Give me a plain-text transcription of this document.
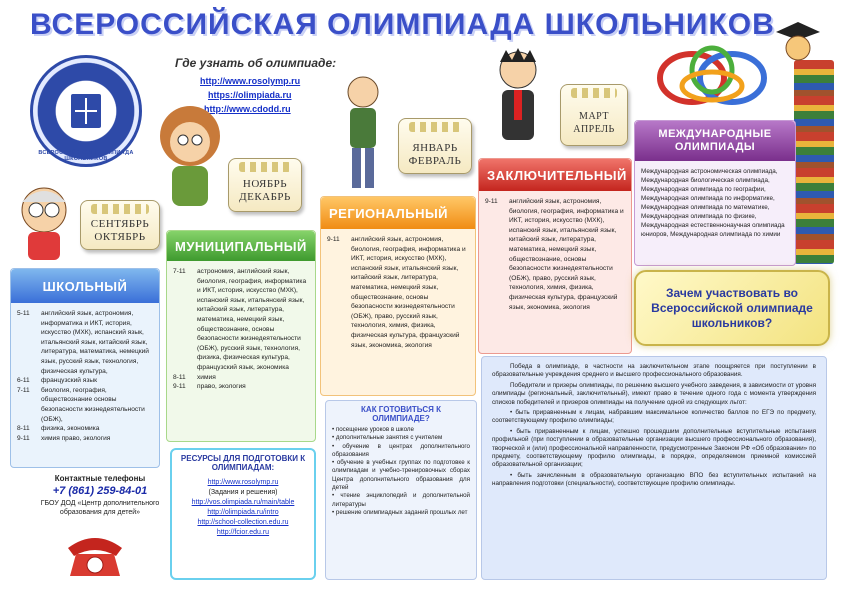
ВСЕРОССИЙСКАЯ ОЛИМПИАДА ШКОЛЬНИКОВ
ВСЕРОССИЙСКАЯ ОЛИМПИАДА ШКОЛЬНИКОВ
Где узнать об олимпиаде:
http://www.rosolymp.ru
https://olimpiada.ru
http://www.cdodd.ru
СЕНТЯБРЬ
ОКТЯБРЬ
НОЯБРЬ
ДЕКАБРЬ
ЯНВАРЬ
ФЕВРАЛЬ
МАРТ
АПРЕЛЬ
ШКОЛЬНЫЙ
5-11	английский язык, астрономия, информатика и ИКТ, история, искусство (МХК), испанский язык, итальянский язык, китайский язык, литература, математика, немецкий язык, русский язык, технология, физическая культура,
6-11	французский язык
7-11	биология, география, обществознание основы безопасности жизнедеятельности (ОБЖ),
8-11	физика, экономика
9-11	химия право, экология
МУНИЦИПАЛЬНЫЙ
7-11	астрономия, английский язык, биология, география, информатика и ИКТ, история, искусство (МХК), испанский язык, итальянский язык, китайский язык, литература, математика, немецкий язык, обществознание, основы безопасности жизнедеятельности (ОБЖ), русский язык, технология, физика, физическая культура, французский язык, экономика
8-11	химия
9-11	право, экология
РЕГИОНАЛЬНЫЙ
9-11	английский язык, астрономия, биология, география, информатика и ИКТ, история, искусство (МХК), испанский язык, итальянский язык, китайский язык, литература, математика, немецкий язык, обществознание, основы безопасности жизнедеятельности (ОБЖ), право, русский язык, технология, химия, физика, физическая культура, французский язык, экономика, экология
ЗАКЛЮЧИТЕЛЬНЫЙ
9-11	английский язык, астрономия, биология, география, информатика и ИКТ, история, искусство (МХК), испанский язык, итальянский язык, китайский язык, литература, математика, немецкий язык, обществознание, основы безопасности жизнедеятельности (ОБЖ), право, русский язык, технология, химия, физика, физическая культура, французский язык, экономика, экология
МЕЖДУНАРОДНЫЕ ОЛИМПИАДЫ
Международная астрономическая олимпиада, Международная биологическая олимпиада, Международная олимпиада по географии, Международная олимпиада по информатике, Международная олимпиада по математике, Международная олимпиада по физике, Международная естественнонаучная олимпиада юниоров, Международная олимпиада по химии
Зачем участвовать во Всероссийской олимпиаде школьников?

Победа в олимпиаде, в частности на заключительном этапе поощряется при поступлении в образовательные учреждения среднего и высшего профессионального образования.

Победители и призеры олимпиады, по решению высшего учебного заведения, в зависимости от уровня олимпиады (региональный, заключительный), имеют право в течение одного года с момента утверждения списков победителей и призеров олимпиады на получение одной из следующих льгот:

• быть приравненным к лицам, набравшим максимальное количество баллов по ЕГЭ по предмету, соответствующему профилю олимпиады;

• быть приравненным к лицам, успешно прошедшим дополнительные вступительные испытания профильной (при поступлении в образовательные организации высшего профессионального образования), творческой и (или) профессиональной направленности, предусмотренные Законом РФ «Об образовании» по предмету, соответствующему профилю олимпиады, в порядке, определяемом приемной комиссией образовательной организации;

• быть зачисленным в образовательную организацию ВПО без вступительных испытаний на направления подготовки (специальности), соответствующие профилю олимпиады.

КАК ГОТОВИТЬСЯ К ОЛИМПИАДЕ?
• посещение уроков в школе
• дополнительные занятия с учителем
• обучение в центрах дополнительного образования
• обучение в учебных группах по подготовке к олимпиадам и учебно-тренировочных сборах Центра дополнительного образования для детей
• чтение энциклопедий и дополнительной литературы
• решение олимпиадных заданий прошлых лет
РЕСУРСЫ ДЛЯ ПОДГОТОВКИ К ОЛИМПИАДАМ:
http://www.rosolymp.ru
(Задания и решения)
http://vos.olimpiada.ru/main/table
http://olimpiada.ru/intro
http://school-collection.edu.ru
http://fcior.edu.ru
Контактные телефоны
+7 (861) 259-84-01
ГБОУ ДОД «Центр дополнительного образования для детей»
